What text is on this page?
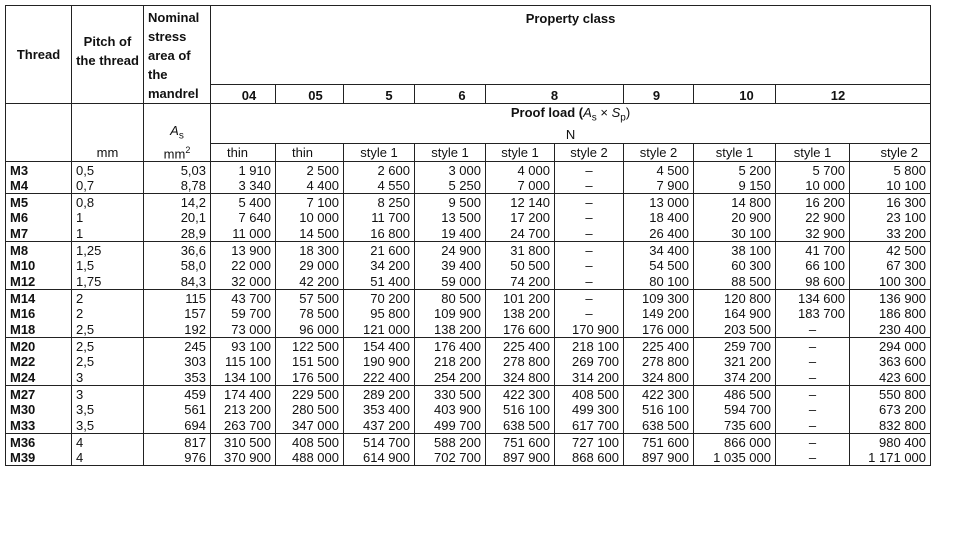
Thread	Pitch of the thread	Nominal stress area of the mandrel	Property class									
			04	05	5	6	8		9	10	12	
		$A_s$	Proof load $(A_s \times S_p)$
N									
	mm	$mm^2$	thin	thin	style 1	style 1	style 1	style 2	style 2	style 1	style 1	style 2
M3	0,5	5,03	1 910	2 500	2 600	3 000	4 000	–	4 500	5 200	5 700	5 800
M4	0,7	8,78	3 340	4 400	4 550	5 250	7 000	–	7 900	9 150	10 000	10 100
M5	0,8	14,2	5 400	7 100	8 250	9 500	12 140	–	13 000	14 800	16 200	16 300
M6	1	20,1	7 640	10 000	11 700	13 500	17 200	–	18 400	20 900	22 900	23 100
M7	1	28,9	11 000	14 500	16 800	19 400	24 700	–	26 400	30 100	32 900	33 200
M8	1,25	36,6	13 900	18 300	21 600	24 900	31 800	–	34 400	38 100	41 700	42 500
M10	1,5	58,0	22 000	29 000	34 200	39 400	50 500	–	54 500	60 300	66 100	67 300
M12	1,75	84,3	32 000	42 200	51 400	59 000	74 200	–	80 100	88 500	98 600	100 300
M14	2	115	43 700	57 500	70 200	80 500	101 200	–	109 300	120 800	134 600	136 900
M16	2	157	59 700	78 500	95 800	109 900	138 200	–	149 200	164 900	183 700	186 800
M18	2,5	192	73 000	96 000	121 000	138 200	176 600	170 900	176 000	203 500	–	230 400
M20	2,5	245	93 100	122 500	154 400	176 400	225 400	218 100	225 400	259 700	–	294 000
M22	2,5	303	115 100	151 500	190 900	218 200	278 800	269 700	278 800	321 200	–	363 600
M24	3	353	134 100	176 500	222 400	254 200	324 800	314 200	324 800	374 200	–	423 600
M27	3	459	174 400	229 500	289 200	330 500	422 300	408 500	422 300	486 500	–	550 800
M30	3,5	561	213 200	280 500	353 400	403 900	516 100	499 300	516 100	594 700	–	673 200
M33	3,5	694	263 700	347 000	437 200	499 700	638 500	617 700	638 500	735 600	–	832 800
M36	4	817	310 500	408 500	514 700	588 200	751 600	727 100	751 600	866 000	–	980 400
M39	4	976	370 900	488 000	614 900	702 700	897 900	868 600	897 900	1 035 000	–	1 171 000
